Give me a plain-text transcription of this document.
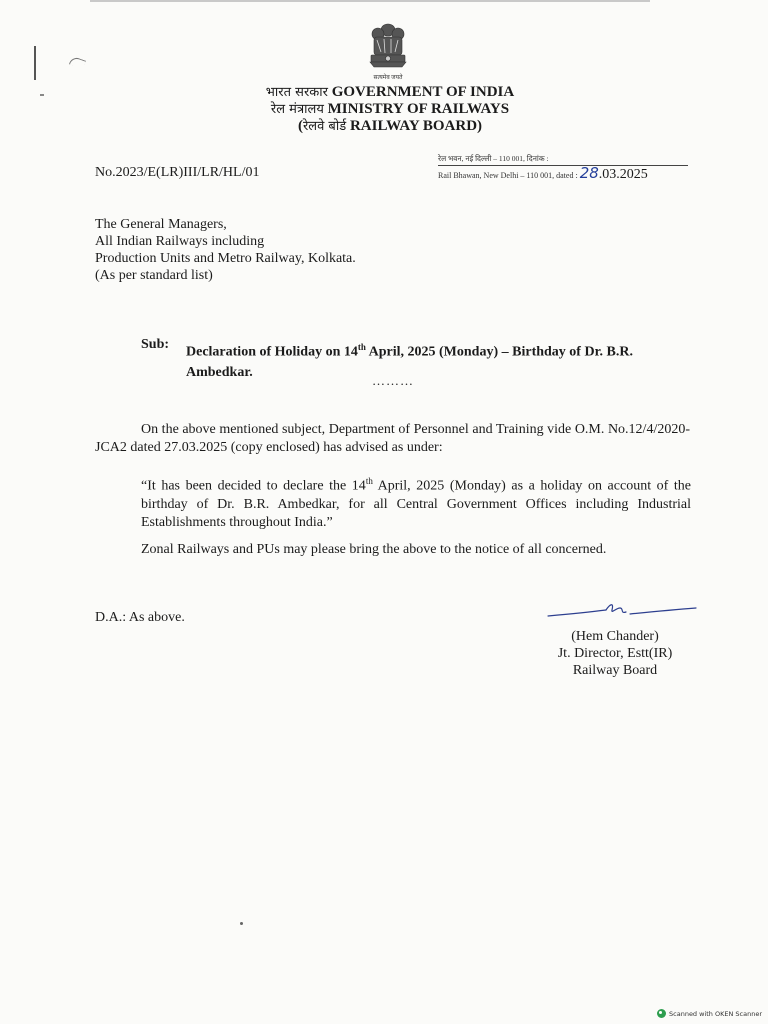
सत्यमेव जयते
भारत सरकार GOVERNMENT OF INDIA
रेल मंत्रालय MINISTRY OF RAILWAYS
(रेलवे बोर्ड RAILWAY BOARD)
No.2023/E(LR)III/LR/HL/01
रेल भवन, नई दिल्ली – 110 001, दिनांक :
Rail Bhawan, New Delhi – 110 001, dated : 28.03.2025
The General Managers,
All Indian Railways including
Production Units and Metro Railway, Kolkata.
(As per standard list)
Sub:
Declaration of Holiday on 14th April, 2025 (Monday) – Birthday of Dr. B.R. Ambedkar.
………
On the above mentioned subject, Department of Personnel and Training vide O.M. No.12/4/2020-JCA2 dated 27.03.2025 (copy enclosed) has advised as under:
“It has been decided to declare the 14th April, 2025 (Monday) as a holiday on account of the birthday of Dr. B.R. Ambedkar, for all Central Government Offices including Industrial Establishments throughout India.”
Zonal Railways and PUs may please bring the above to the notice of all concerned.
D.A.: As above.
(Hem Chander)
Jt. Director, Estt(IR)
Railway Board
Scanned with OKEN Scanner
